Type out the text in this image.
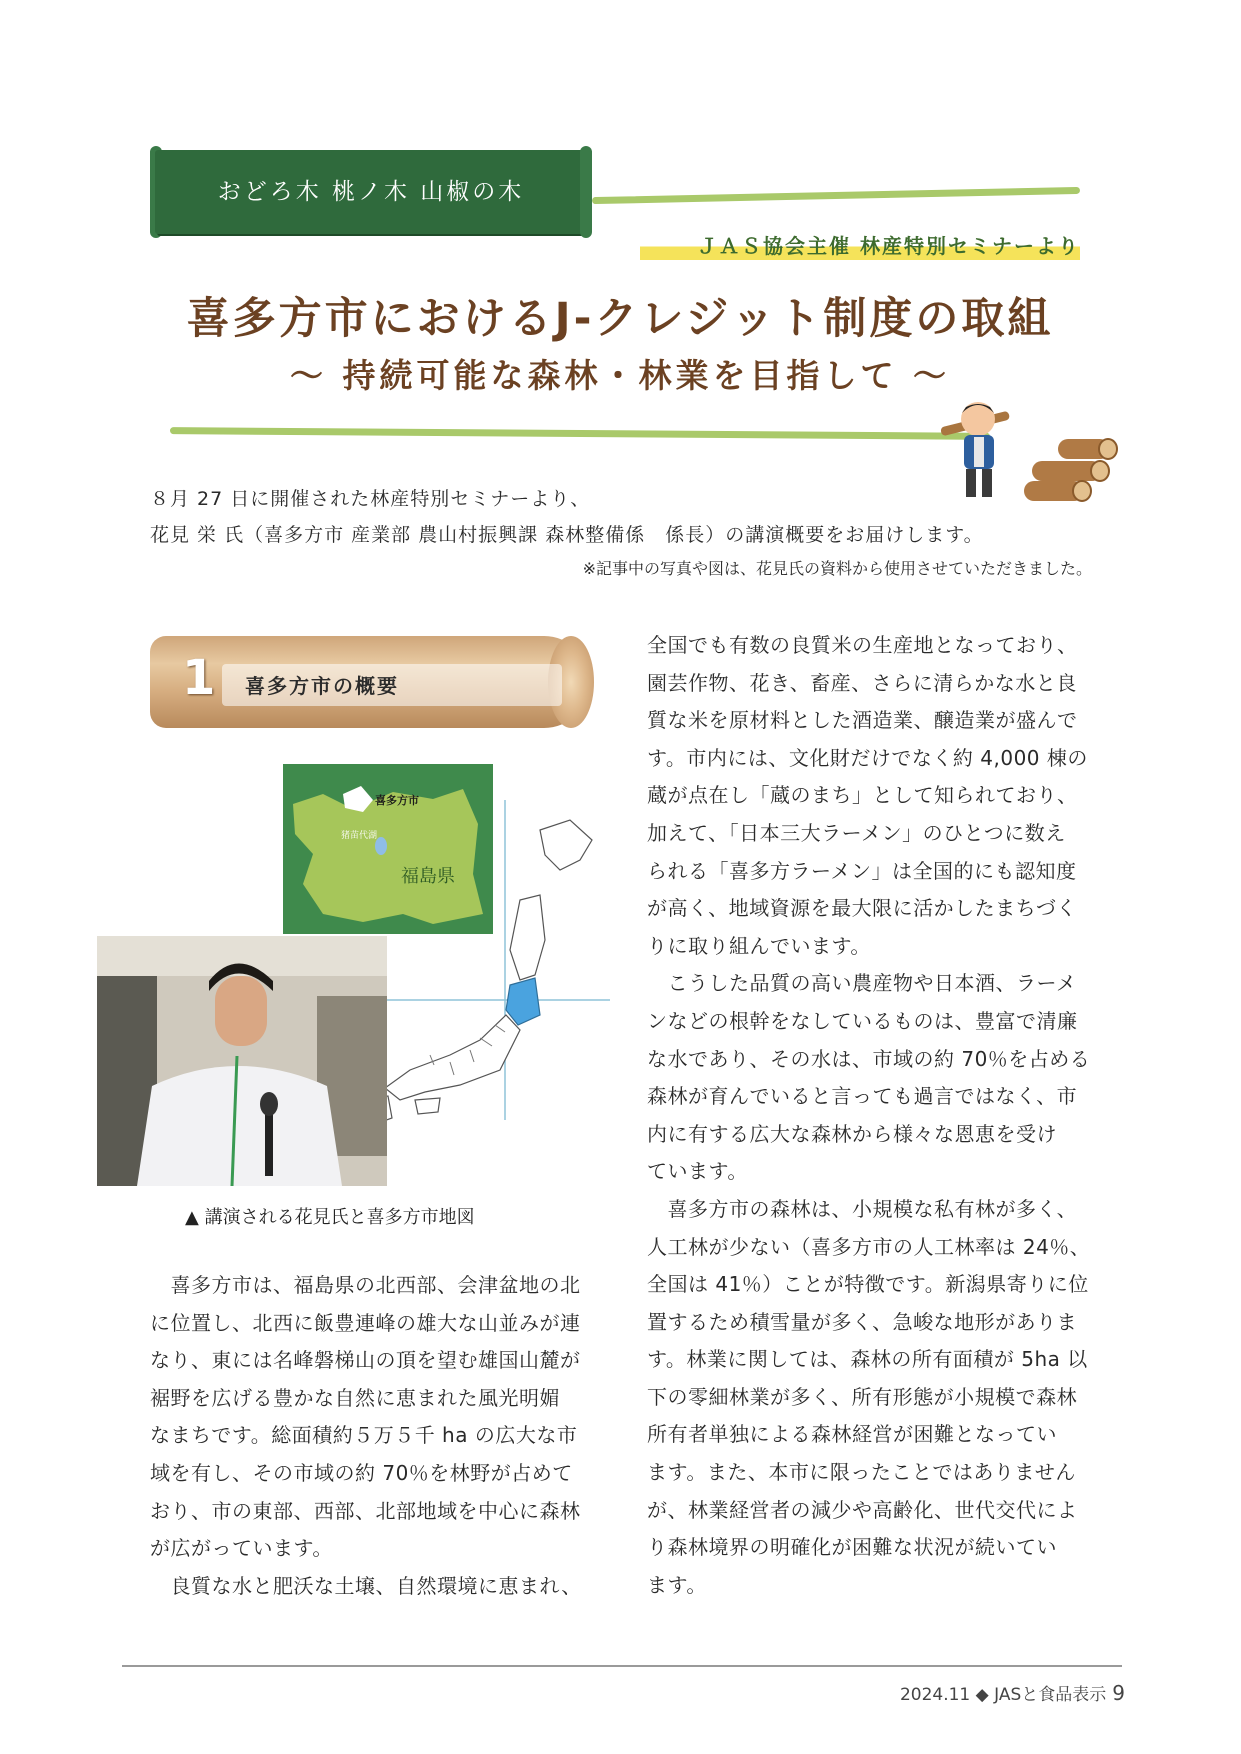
おどろ木 桃ノ木 山椒の木
ＪＡＳ協会主催 林産特別セミナーより
喜多方市におけるJ-クレジット制度の取組
〜 持続可能な森林・林業を目指して 〜
８月 27 日に開催された林産特別セミナーより、
花見 栄 氏（喜多方市 産業部 農山村振興課 森林整備係　係長）の講演概要をお届けします。
※記事中の写真や図は、花見氏の資料から使用させていただきました。
1 喜多方市の概要
喜多方市
猪苗代湖
福島県
▲ 講演される花見氏と喜多方市地図

　喜多方市は、福島県の北西部、会津盆地の北

に位置し、北西に飯豊連峰の雄大な山並みが連

なり、東には名峰磐梯山の頂を望む雄国山麓が

裾野を広げる豊かな自然に恵まれた風光明媚

なまちです。総面積約５万５千 ha の広大な市

域を有し、その市域の約 70％を林野が占めて

おり、市の東部、西部、北部地域を中心に森林

が広がっています。

　良質な水と肥沃な土壌、自然環境に恵まれ、

全国でも有数の良質米の生産地となっており、

園芸作物、花き、畜産、さらに清らかな水と良

質な米を原材料とした酒造業、醸造業が盛んで

す。市内には、文化財だけでなく約 4,000 棟の

蔵が点在し「蔵のまち」として知られており、

加えて、「日本三大ラーメン」のひとつに数え

られる「喜多方ラーメン」は全国的にも認知度

が高く、地域資源を最大限に活かしたまちづく

りに取り組んでいます。

　こうした品質の高い農産物や日本酒、ラーメ

ンなどの根幹をなしているものは、豊富で清廉

な水であり、その水は、市域の約 70％を占める

森林が育んでいると言っても過言ではなく、市

内に有する広大な森林から様々な恩恵を受け

ています。

　喜多方市の森林は、小規模な私有林が多く、

人工林が少ない（喜多方市の人工林率は 24％、

全国は 41％）ことが特徴です。新潟県寄りに位

置するため積雪量が多く、急峻な地形がありま

す。林業に関しては、森林の所有面積が 5ha 以

下の零細林業が多く、所有形態が小規模で森林

所有者単独による森林経営が困難となってい

ます。また、本市に限ったことではありません

が、林業経営者の減少や高齢化、世代交代によ

り森林境界の明確化が困難な状況が続いてい

ます。

2024.11 ◆ JASと食品表示 9
